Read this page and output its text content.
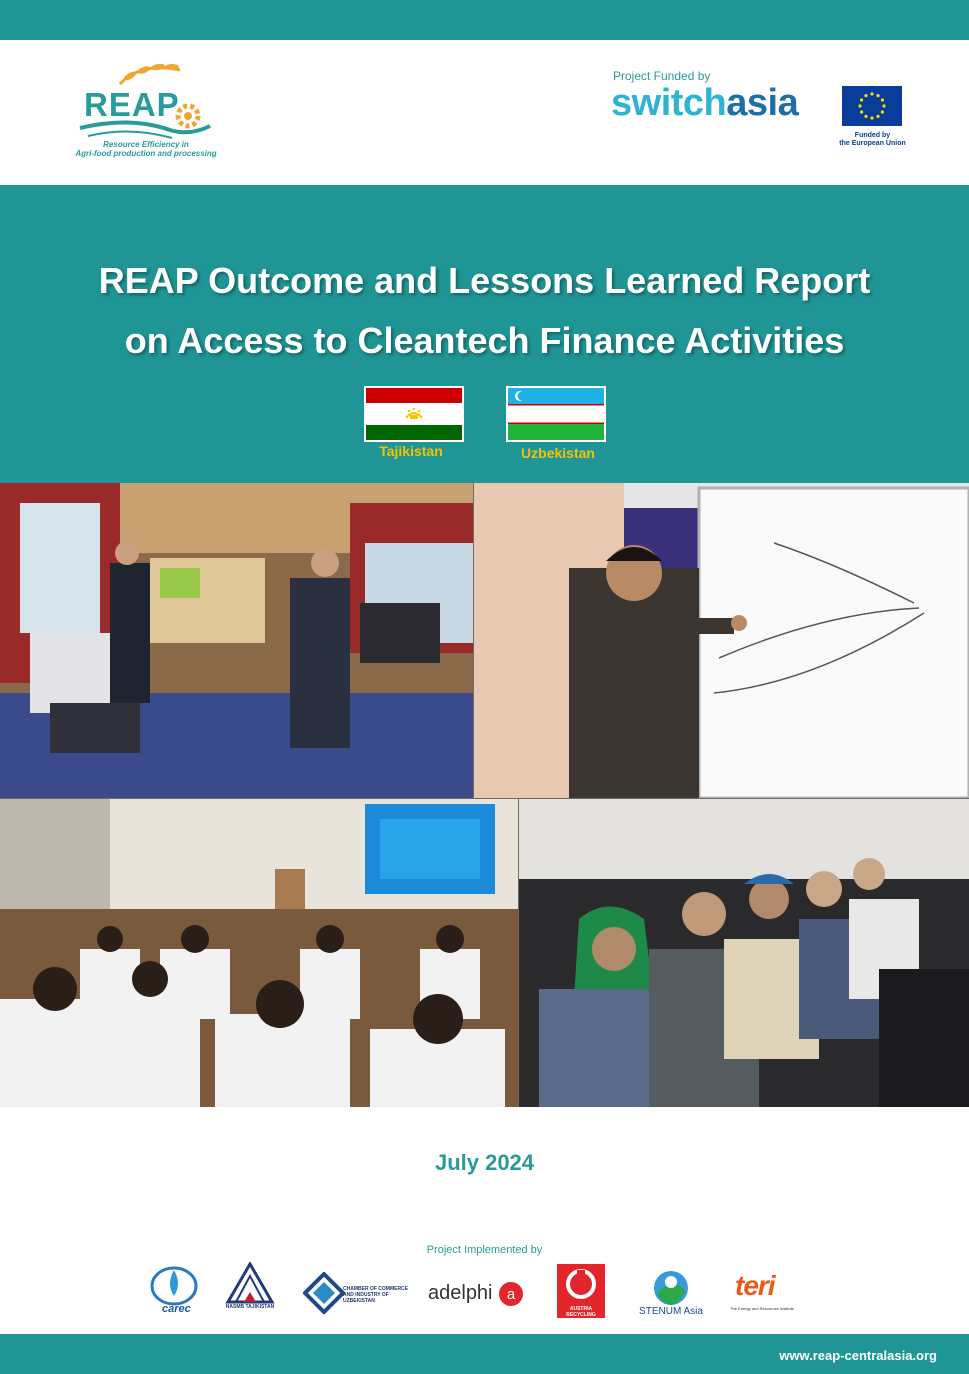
REAP
Resource Efficiency in
Agri-food production and processing
Project Funded by
switchasia
Funded by
the European Union
REAP Outcome and Lessons Learned Report
on Access to Cleantech Finance Activities
Tajikistan	Uzbekistan
July 2024
Project Implemented by
carec	NASMB TAJIKISTAN
CHAMBER OF COMMERCE AND INDUSTRY OF UZBEKISTAN	adelphi a
AUSTRIA RECYCLING	STENUM Asia
teri
The Energy and Resources Institute
www.reap-centralasia.org
